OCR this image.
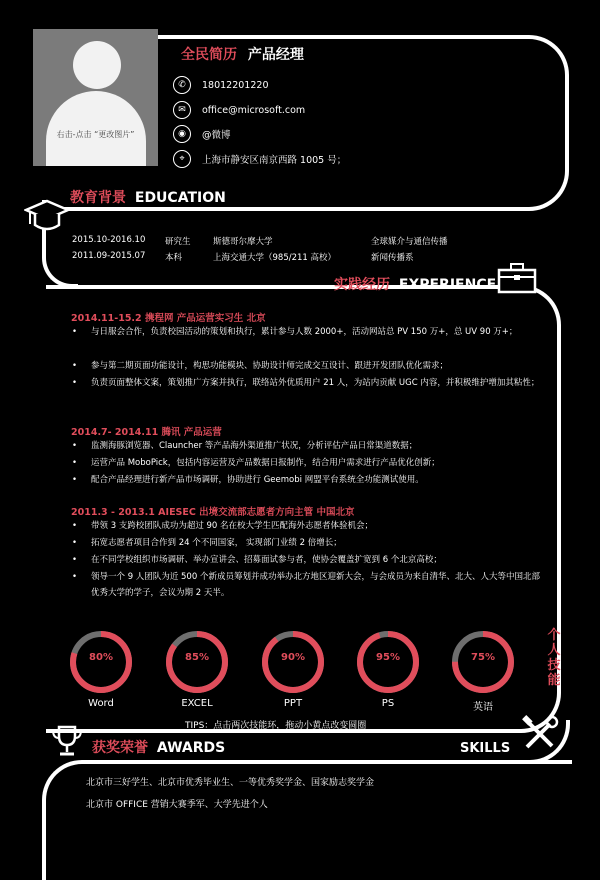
右击-点击 “更改图片”
全民简历 产品经理
✆	18012201220
✉	office@microsoft.com
◉	@微博
⌖	上海市静安区南京西路 1005 号；
教育背景 EDUCATION
2015.10-2016.10	研究生	斯德哥尔摩大学	全球媒介与通信传播
2011.09-2015.07	本科	上海交通大学（985/211 高校）	新闻传播系
实践经历 EXPERIENCE
2014.11-15.2 携程网 产品运营实习生 北京
• 与日服会合作，负责校园活动的策划和执行，累计参与人数 2000+，活动网站总 PV 150 万+，总 UV 90 万+；
• 参与第二期页面功能设计，构思功能模块、协助设计师完成交互设计、跟进开发团队优化需求；
• 负责页面整体文案，策划推广方案并执行，联络站外优质用户 21 人，为站内贡献 UGC 内容，并积极维护增加其粘性；
2014.7- 2014.11 腾讯 产品运营
• 监测海豚浏览器、Clauncher 等产品海外渠道推广状况，分析评估产品日常渠道数据；
• 运营产品 MoboPick，包括内容运营及产品数据日报制作，结合用户需求进行产品优化创新；
• 配合产品经理进行新产品市场调研，协助进行 Geemobi 网盟平台系统全功能测试使用。
2011.3 - 2013.1 AIESEC 出境交流部志愿者方向主管 中国北京
• 带领 3 支跨校团队成功为超过 90 名在校大学生匹配海外志愿者体验机会；
• 拓宽志愿者项目合作到 24 个不同国家， 实现部门业绩 2 倍增长；
• 在不同学校组织市场调研、举办宣讲会、招募面试参与者，使协会覆盖扩宽到 6 个北京高校；
• 领导一个 9 人团队为近 500 个新成员筹划并成功举办北方地区迎新大会，与会成员为来自清华、北大、人大等中国北部优秀大学的学子，会议为期 2 天半。
80%
Word
85%
EXCEL
90%
PPT
95%
PS
75%
英语
个人技能
TIPS：点击两次技能环，拖动小黄点改变圆圈
SKILLS
获奖荣誉 AWARDS
北京市三好学生、北京市优秀毕业生、一等优秀奖学金、国家励志奖学金
北京市 OFFICE 营销大赛季军、大学先进个人
